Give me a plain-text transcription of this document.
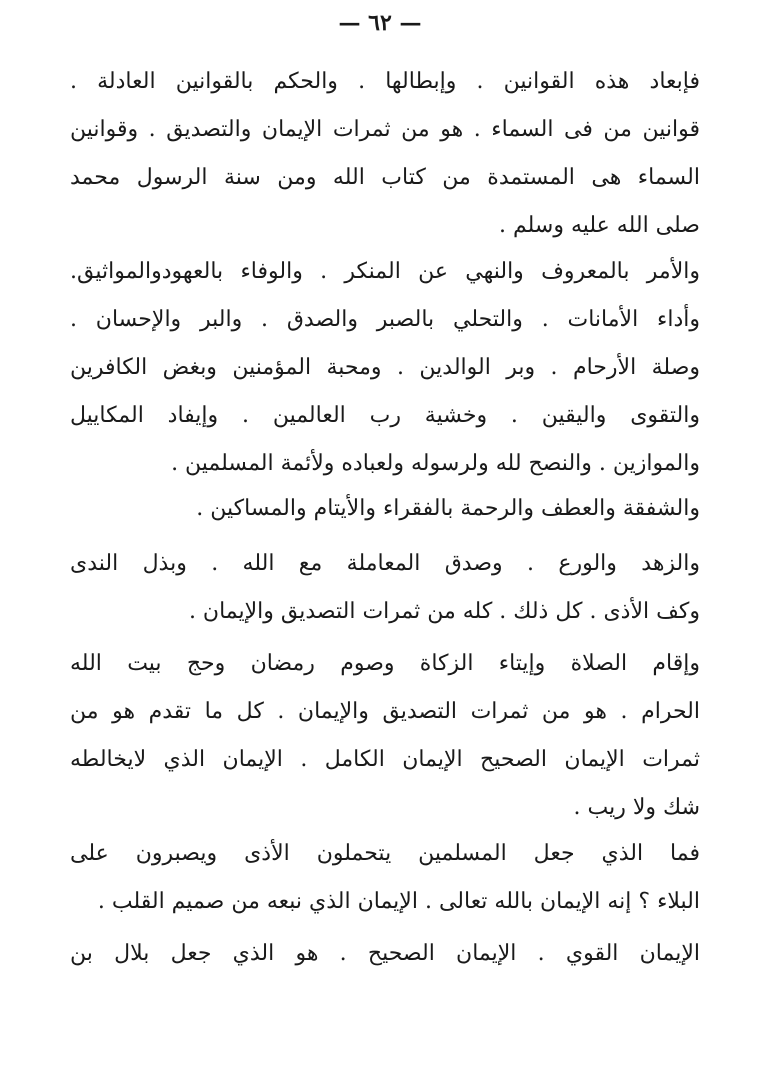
— ٦٢ —
فإبعاد هذه القوانين . وإبطالها . والحكم بالقوانين العادلة .
قوانين من فى السماء . هو من ثمرات الإيمان والتصديق . وقوانين
السماء هى المستمدة من كتاب الله ومن سنة الرسول محمد
صلى الله عليه وسلم .
والأمر بالمعروف والنهي عن المنكر . والوفاء بالعهودوالمواثيق.
وأداء الأمانات . والتحلي بالصبر والصدق . والبر والإحسان .
وصلة الأرحام . وبر الوالدين . ومحبة المؤمنين وبغض الكافرين
والتقوى واليقين . وخشية رب العالمين . وإيفاد المكاييل
والموازين . والنصح لله ولرسوله ولعباده ولأئمة المسلمين .
والشفقة والعطف والرحمة بالفقراء والأيتام والمساكين .
والزهد والورع . وصدق المعاملة مع الله . وبذل الندى
وكف الأذى . كل ذلك . كله من ثمرات التصديق والإيمان .
وإقام الصلاة وإيتاء الزكاة وصوم رمضان وحج بيت الله
الحرام . هو من ثمرات التصديق والإيمان . كل ما تقدم هو من
ثمرات الإيمان الصحيح الإيمان الكامل . الإيمان الذي لايخالطه
شك ولا ريب .
فما الذي جعل المسلمين يتحملون الأذى ويصبرون على
البلاء ؟ إنه الإيمان بالله تعالى . الإيمان الذي نبعه من صميم القلب .
الإيمان القوي . الإيمان الصحيح . هو الذي جعل بلال بن
